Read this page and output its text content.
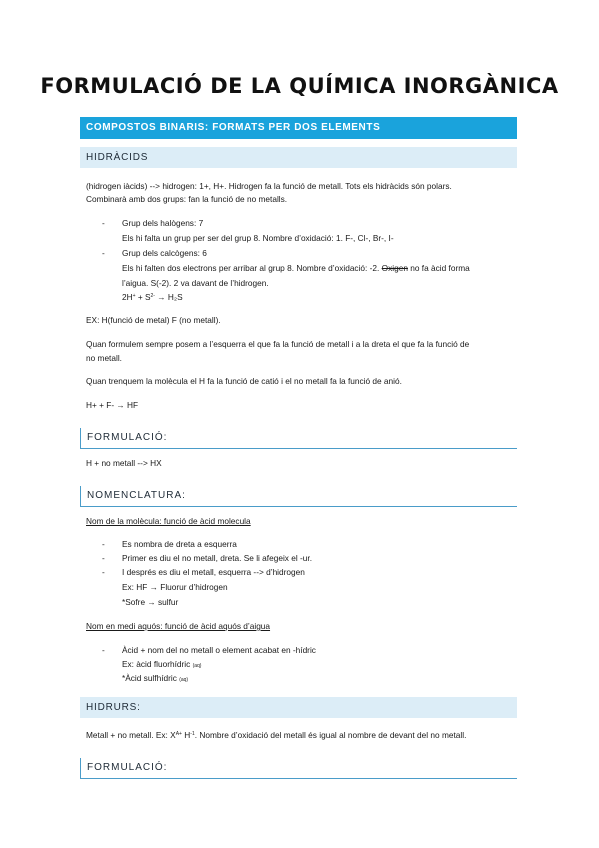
FORMULACIÓ DE LA QUÍMICA INORGÀNICA
COMPOSTOS BINARIS: FORMATS PER DOS ELEMENTS
HIDRÀCIDS
(hidrogen iàcids) --> hidrogen: 1+, H+. Hidrogen fa la funció de metall. Tots els hidràcids són polars.
Combinarà amb dos grups: fan la funció de no metalls.
- Grup dels halògens: 7
Els hi falta un grup per ser del grup 8. Nombre d’oxidació: 1. F-, Cl-, Br-, I-
- Grup dels calcògens: 6
Els hi falten dos electrons per arribar al grup 8. Nombre d’oxidació: -2. Oxigen no fa àcid forma
l’aigua. S(-2). 2 va davant de l’hidrogen.
$2H^+ + S^{2-} \to H_2S$
EX: H(funció de metal) F (no metall).
Quan formulem sempre posem a l’esquerra el que fa la funció de metall i a la dreta el que fa la funció de
no metall.
Quan trenquem la molècula el H fa la funció de catió i el no metall fa la funció de anió.
H+ + F- → HF
FORMULACIÓ:
H + no metall --> HX
NOMENCLATURA:
Nom de la molècula: funció de àcid molecula
- Es nombra de dreta a esquerra
- Primer es diu el no metall, dreta. Se li afegeix el -ur.
- I després es diu el metall, esquerra --> d’hidrogen
Ex: HF → Fluorur d’hidrogen
*Sofre → sulfur
Nom en medi aquós: funció de àcid aquós d’aigua
- Àcid + nom del no metall o element acabat en -hídric
Ex: àcid fluorhídric (aq)
*Àcid sulfhídric (aq)
HIDRURS:
Metall + no metall. Ex: $X^{A+}$ $H^{-1}$. Nombre d’oxidació del metall és igual al nombre de devant del no metall.
FORMULACIÓ:
